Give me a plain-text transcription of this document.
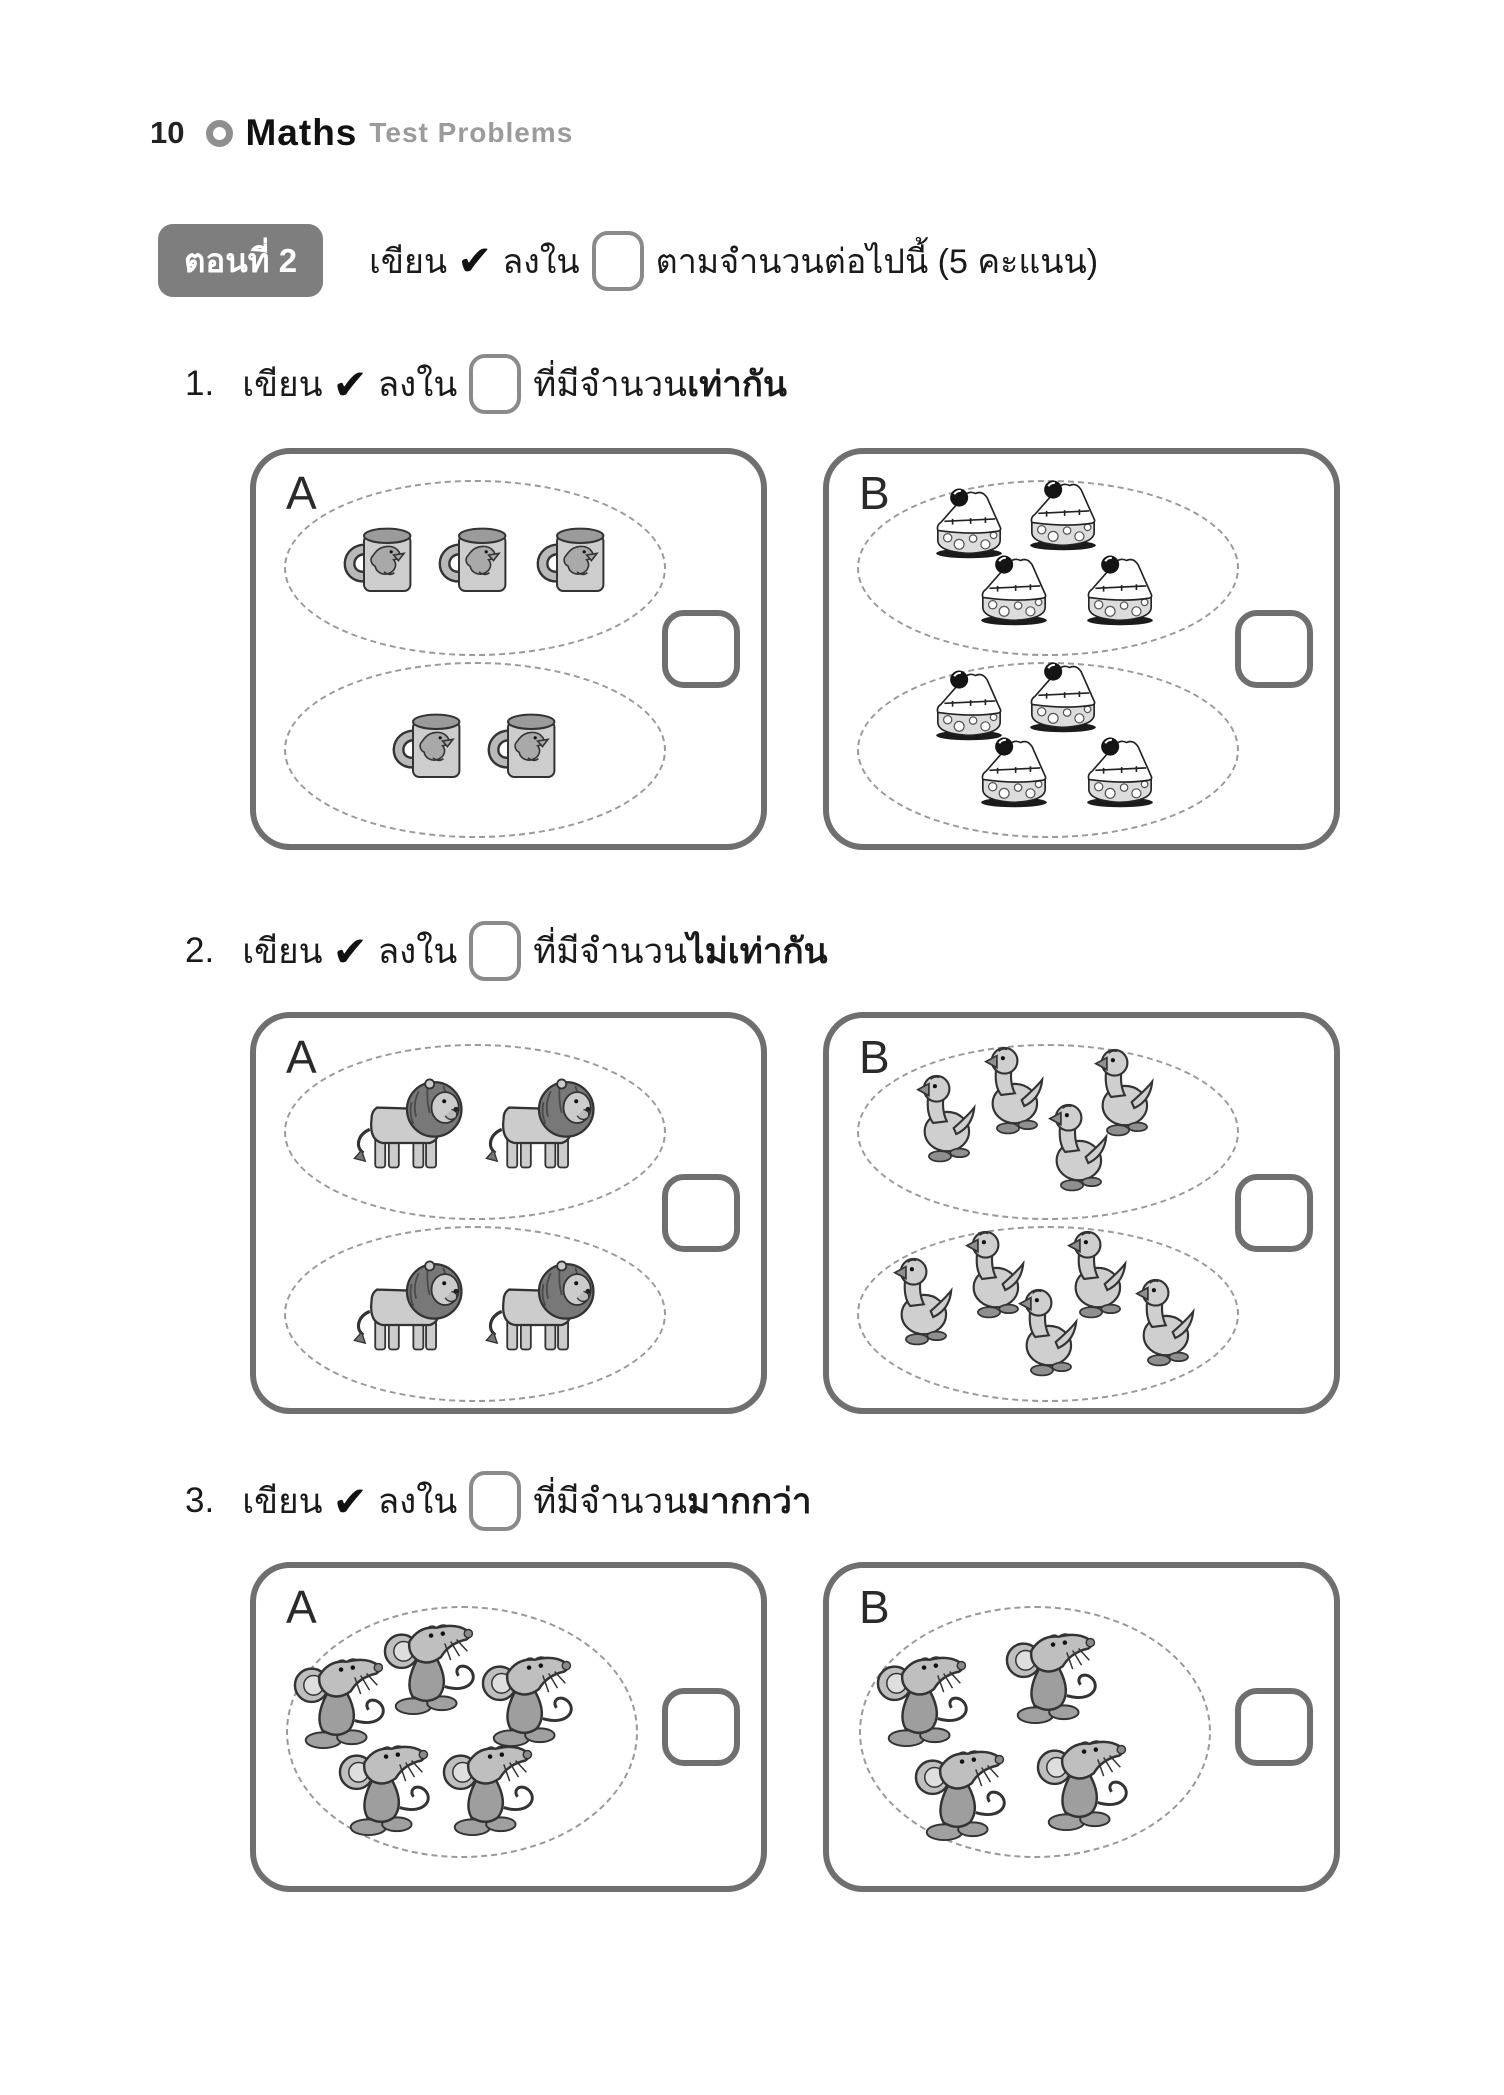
10 Maths Test Problems
ตอนที่ 2	เขียน ✔ ลงใน ตามจำนวนต่อไปนี้ (5 คะแนน)
1. เขียน ✔ ลงใน ที่มีจำนวน เท่ากัน
A	B
2. เขียน ✔ ลงใน ที่มีจำนวน ไม่เท่ากัน
A	B
3. เขียน ✔ ลงใน ที่มีจำนวน มากกว่า
A	B
